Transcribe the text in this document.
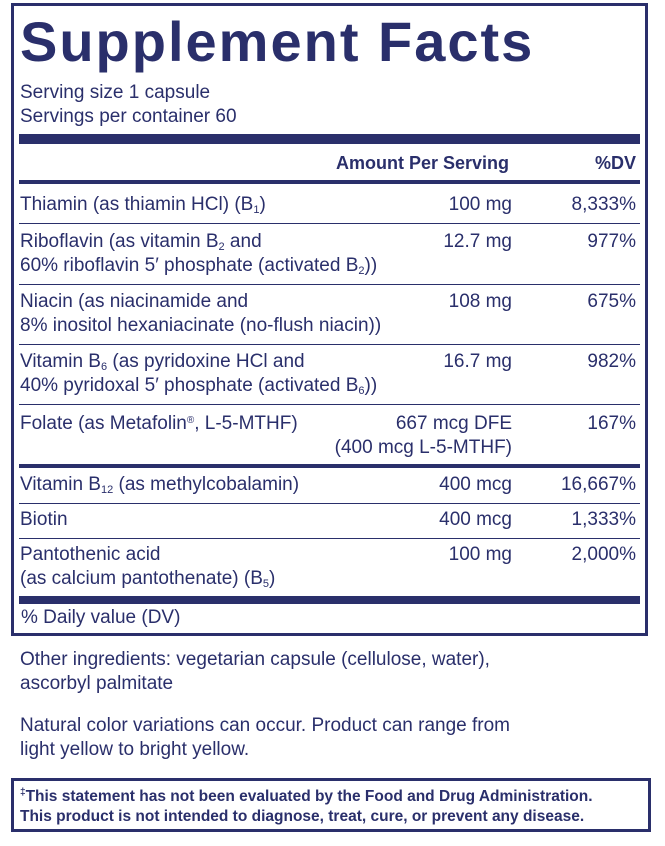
Supplement Facts
Serving size 1 capsule
Servings per container 60
Amount Per Serving	%DV
Thiamin (as thiamin HCl) $(B_1)$	100 mg	8,333%
Riboflavin (as vitamin $B_2$ and
60% riboflavin 5′ phosphate (activated $B_2$))
12.7 mg	977%
Niacin (as niacinamide and
8% inositol hexaniacinate (no-flush niacin))
108 mg	675%
Vitamin $B_6$ (as pyridoxine HCl and
40% pyridoxal 5′ phosphate (activated $B_6$))
16.7 mg	982%
Folate (as Metafolin®, L-5-MTHF)	667 mcg DFE
(400 mcg L-5-MTHF)
167%
Vitamin $B_{12}$ (as methylcobalamin)	400 mcg	16,667%
Biotin	400 mcg	1,333%
Pantothenic acid
(as calcium pantothenate) $(B_5)$
100 mg	2,000%
% Daily value (DV)
Other ingredients: vegetarian capsule (cellulose, water),
ascorbyl palmitate
Natural color variations can occur. Product can range from
light yellow to bright yellow.
‡This statement has not been evaluated by the Food and Drug Administration.
This product is not intended to diagnose, treat, cure, or prevent any disease.
